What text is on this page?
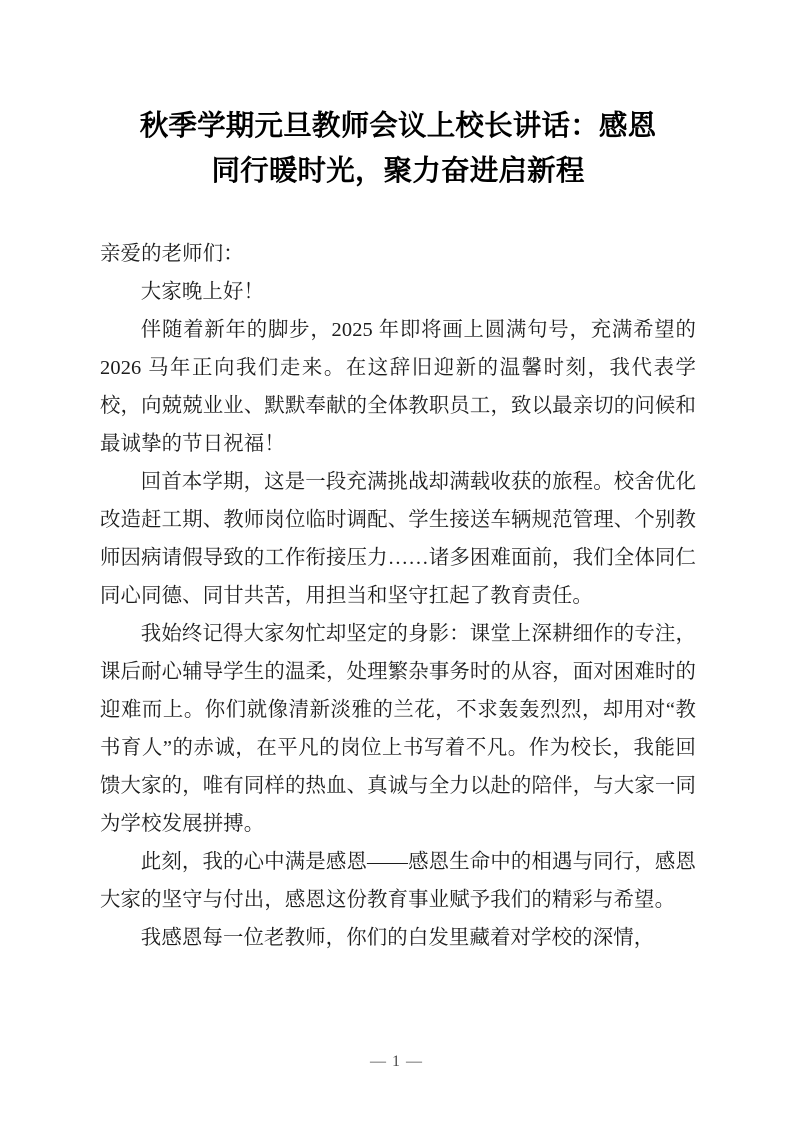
秋季学期元旦教师会议上校长讲话：感恩
同行暖时光，聚力奋进启新程

亲爱的老师们：

大家晚上好！

伴随着新年的脚步，2025 年即将画上圆满句号，充满希望的 2026 马年正向我们走来。在这辞旧迎新的温馨时刻，我代表学校，向兢兢业业、默默奉献的全体教职员工，致以最亲切的问候和最诚挚的节日祝福！

回首本学期，这是一段充满挑战却满载收获的旅程。校舍优化改造赶工期、教师岗位临时调配、学生接送车辆规范管理、个别教师因病请假导致的工作衔接压力……诸多困难面前，我们全体同仁同心同德、同甘共苦，用担当和坚守扛起了教育责任。

我始终记得大家匆忙却坚定的身影：课堂上深耕细作的专注，课后耐心辅导学生的温柔，处理繁杂事务时的从容，面对困难时的迎难而上。你们就像清新淡雅的兰花，不求轰轰烈烈，却用对“教书育人”的赤诚，在平凡的岗位上书写着不凡。作为校长，我能回馈大家的，唯有同样的热血、真诚与全力以赴的陪伴，与大家一同为学校发展拼搏。

此刻，我的心中满是感恩——感恩生命中的相遇与同行，感恩大家的坚守与付出，感恩这份教育事业赋予我们的精彩与希望。

我感恩每一位老教师，你们的白发里藏着对学校的深情，

— 1 —
